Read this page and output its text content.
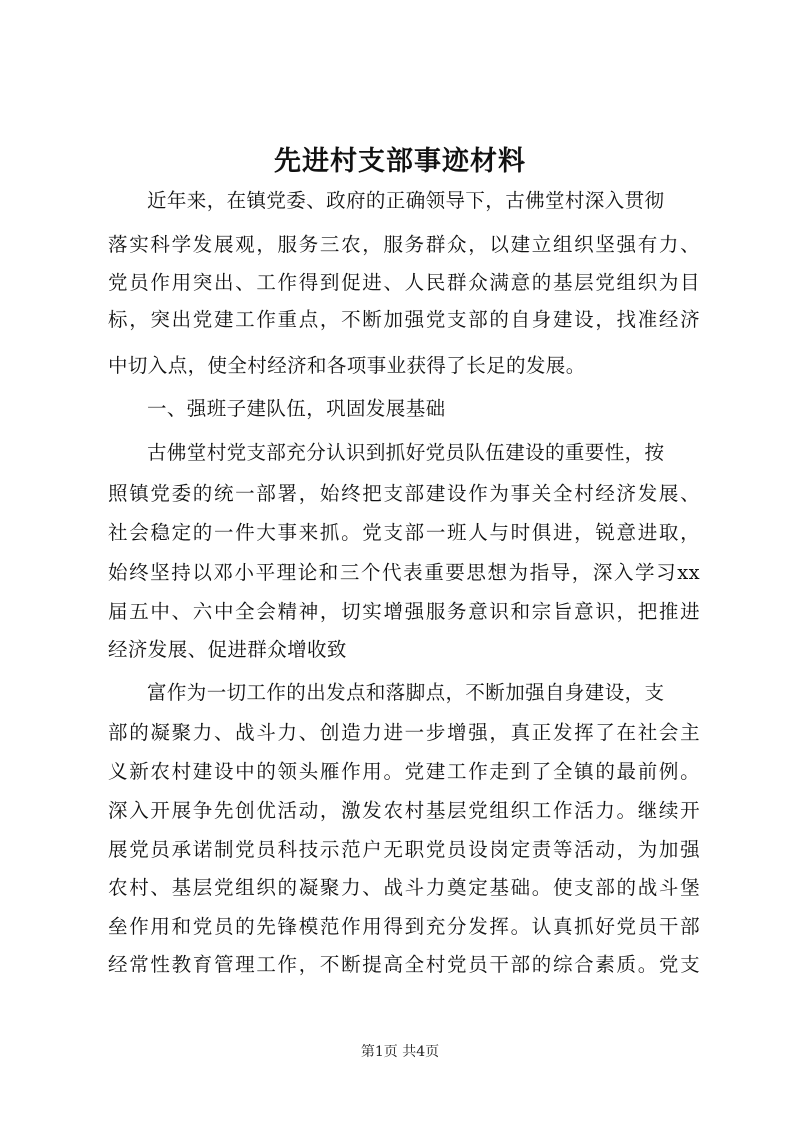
先进村支部事迹材料
近年来，在镇党委、政府的正确领导下，古佛堂村深入贯彻
落实科学发展观，服务三农，服务群众，以建立组织坚强有力、
党员作用突出、工作得到促进、人民群众满意的基层党组织为目
标，突出党建工作重点，不断加强党支部的自身建设，找准经济
中切入点，使全村经济和各项事业获得了长足的发展。
一、强班子建队伍，巩固发展基础
古佛堂村党支部充分认识到抓好党员队伍建设的重要性，按
照镇党委的统一部署，始终把支部建设作为事关全村经济发展、
社会稳定的一件大事来抓。党支部一班人与时俱进，锐意进取，
始终坚持以邓小平理论和三个代表重要思想为指导，深入学习xx
届五中、六中全会精神，切实增强服务意识和宗旨意识，把推进
经济发展、促进群众增收致
富作为一切工作的出发点和落脚点，不断加强自身建设，支
部的凝聚力、战斗力、创造力进一步增强，真正发挥了在社会主
义新农村建设中的领头雁作用。党建工作走到了全镇的最前例。
深入开展争先创优活动，激发农村基层党组织工作活力。继续开
展党员承诺制党员科技示范户无职党员设岗定责等活动，为加强
农村、基层党组织的凝聚力、战斗力奠定基础。使支部的战斗堡
垒作用和党员的先锋模范作用得到充分发挥。认真抓好党员干部
经常性教育管理工作，不断提高全村党员干部的综合素质。党支
第1页 共4页
